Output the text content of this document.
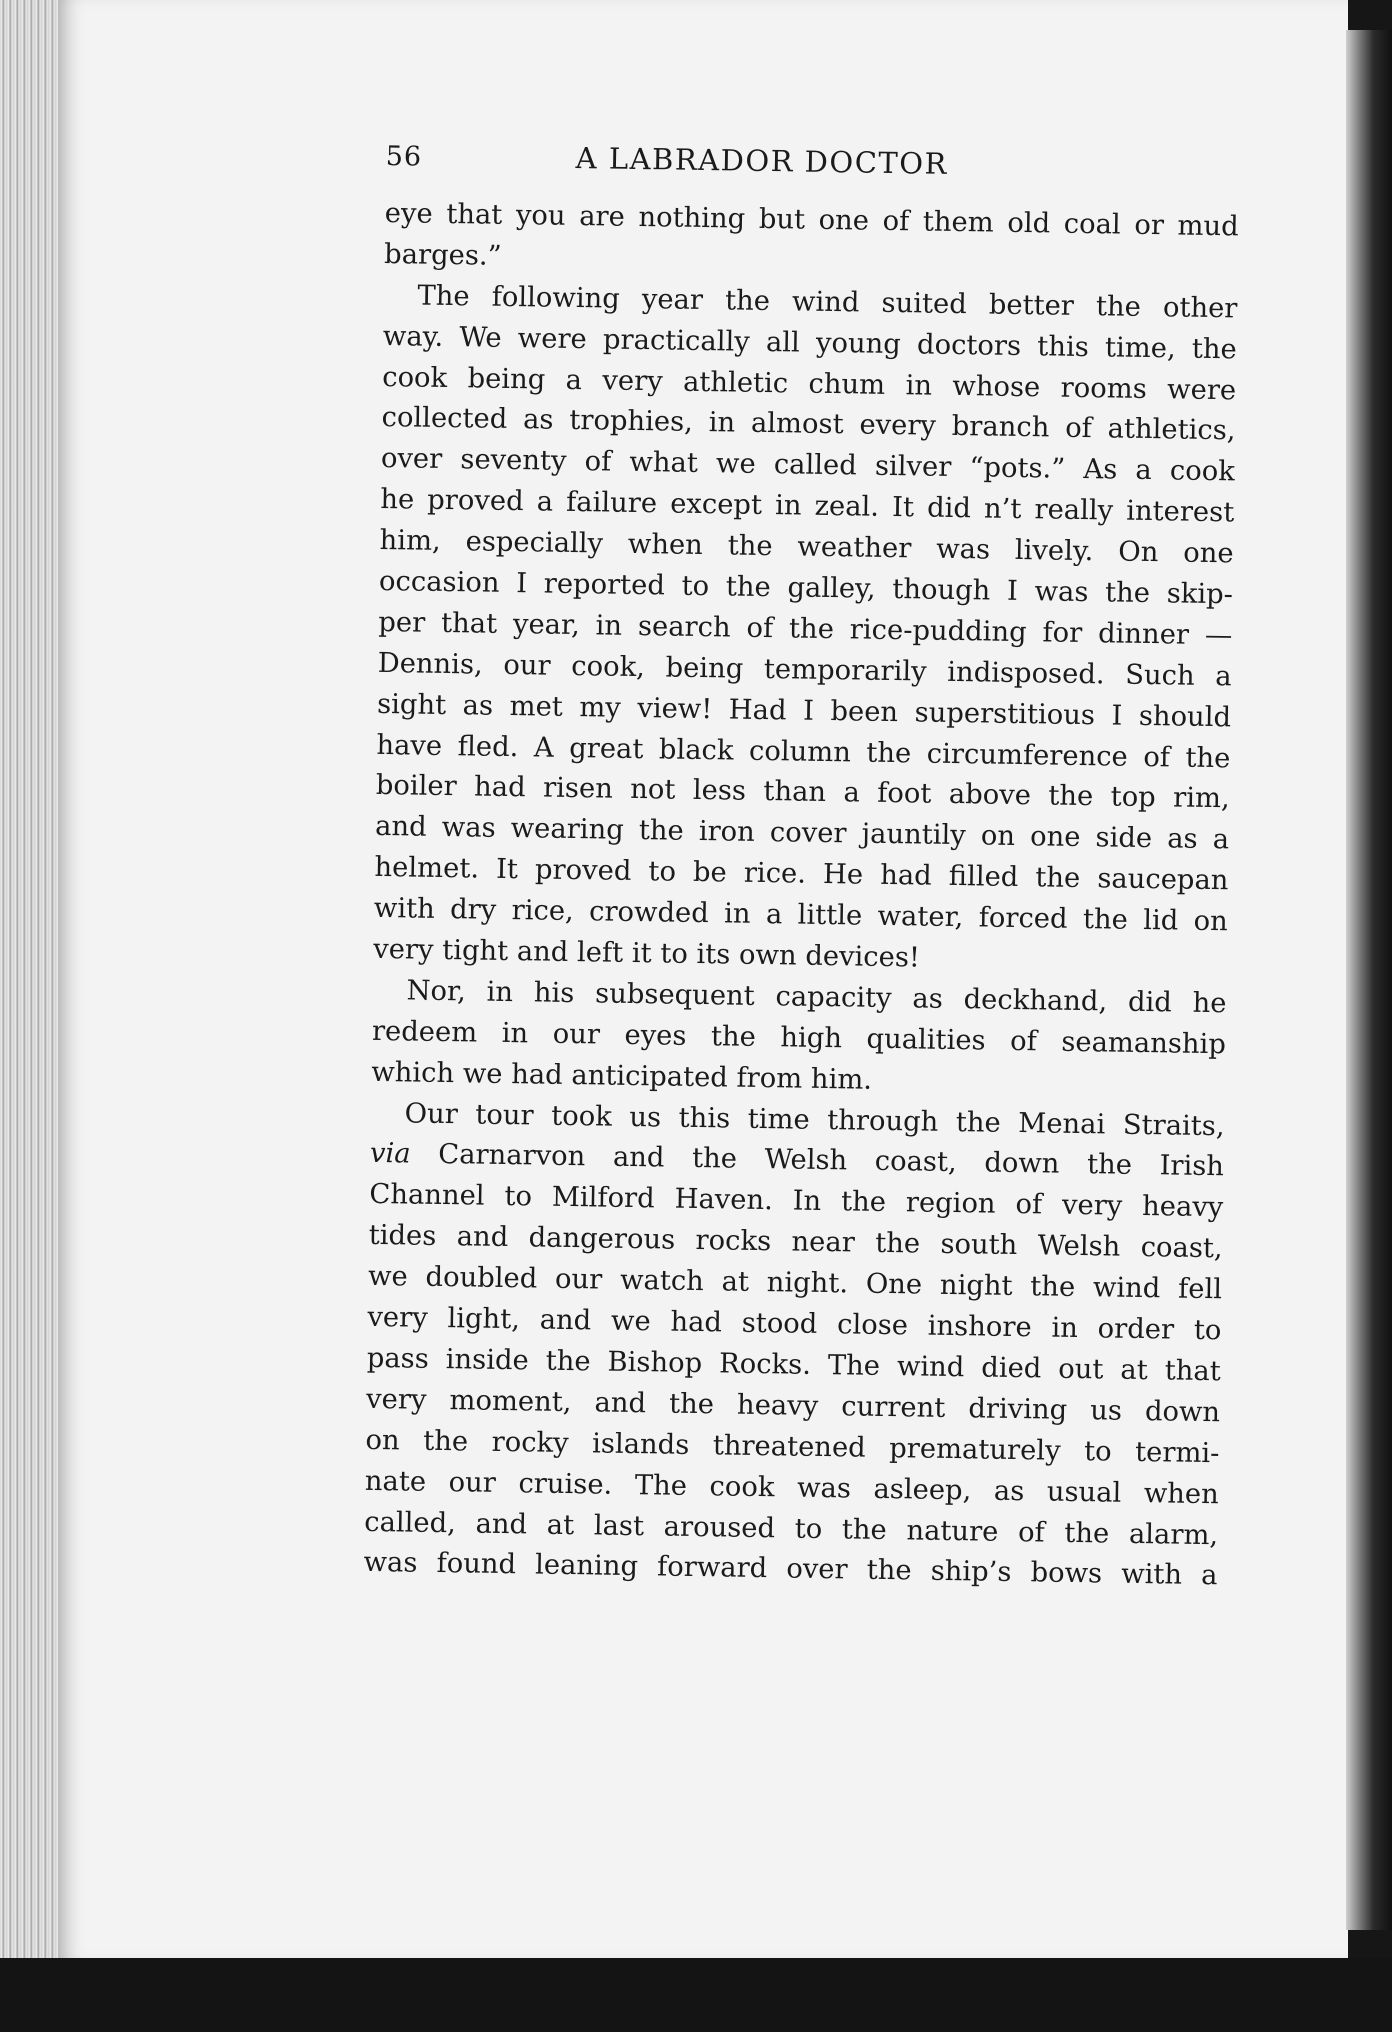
56	A LABRADOR DOCTOR
eye that you are nothing but one of them old coal or mud
barges.”
The following year the wind suited better the other
way. We were practically all young doctors this time, the
cook being a very athletic chum in whose rooms were
collected as trophies, in almost every branch of athletics,
over seventy of what we called silver “pots.” As a cook
he proved a failure except in zeal. It did n’t really interest
him, especially when the weather was lively. On one
occasion I reported to the galley, though I was the skip-
per that year, in search of the rice-pudding for dinner —
Dennis, our cook, being temporarily indisposed. Such a
sight as met my view! Had I been superstitious I should
have fled. A great black column the circumference of the
boiler had risen not less than a foot above the top rim,
and was wearing the iron cover jauntily on one side as a
helmet. It proved to be rice. He had filled the saucepan
with dry rice, crowded in a little water, forced the lid on
very tight and left it to its own devices!
Nor, in his subsequent capacity as deckhand, did he
redeem in our eyes the high qualities of seamanship
which we had anticipated from him.
Our tour took us this time through the Menai Straits,
via Carnarvon and the Welsh coast, down the Irish
Channel to Milford Haven. In the region of very heavy
tides and dangerous rocks near the south Welsh coast,
we doubled our watch at night. One night the wind fell
very light, and we had stood close inshore in order to
pass inside the Bishop Rocks. The wind died out at that
very moment, and the heavy current driving us down
on the rocky islands threatened prematurely to termi-
nate our cruise. The cook was asleep, as usual when
called, and at last aroused to the nature of the alarm,
was found leaning forward over the ship’s bows with a
